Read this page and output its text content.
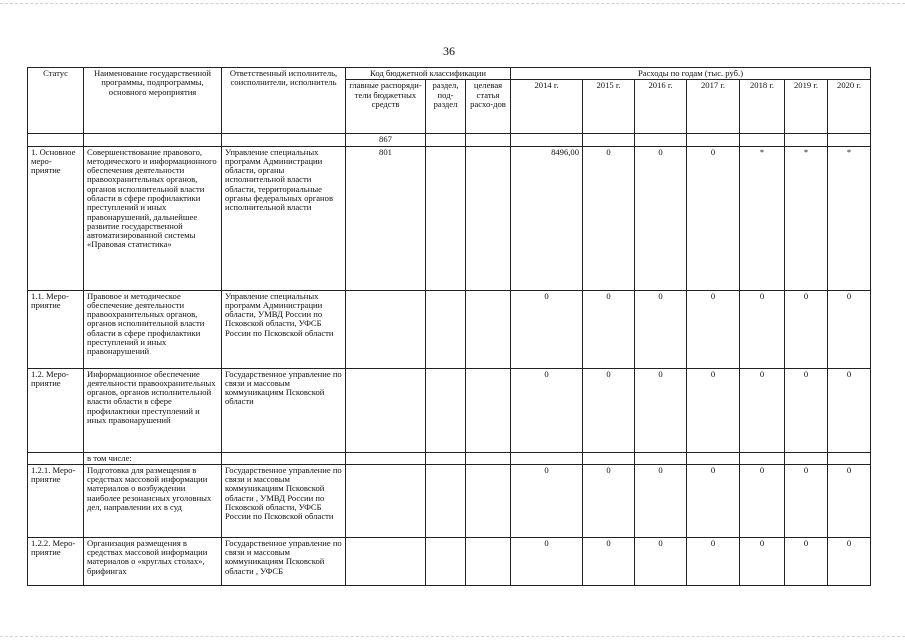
36
Статус	Наименование государственной программы, подпрограммы, основного мероприятия	Ответственный исполнитель, соисполнители, исполнитель	Код бюджетной классификации			Расходы по годам (тыс. руб.)						
			главные распоряди-тели бюджетных средств	раздел, под-раздел	целевая статья расхо-дов	2014 г.	2015 г.	2016 г.	2017 г.	2018 г.	2019 г.	2020 г.
			867									
1. Основное меро-приятие	Совершенствование правового, методического и информационного обеспечения деятельности правоохранительных органов, органов исполнительной власти области в сфере профилактики преступлений и иных правонарушений, дальнейшее развитие государственной автоматизированной системы «Правовая статистика»	Управление специальных программ Администрации области, органы исполнительной власти области, территориальные органы федеральных органов исполнительной власти	801			8496,00	0	0	0	*	*	*
1.1. Меро-приятие	Правовое и методическое обеспечение деятельности правоохранительных органов, органов исполнительной власти области в сфере профилактики преступлений и иных правонарушений	Управление специальных программ Администрации области, УМВД России по Псковской области, УФСБ России по Псковской области				0	0	0	0	0	0	0
1.2. Меро-приятие	Информационное обеспечение деятельности правоохранительных органов, органов исполнительной власти области в сфере профилактики преступлений и иных правонарушений	Государственное управление по связи и массовым коммуникациям Псковской области				0	0	0	0	0	0	0
	в том числе:											
1.2.1. Меро-приятие	Подготовка для размещения в средствах массовой информации материалов о возбуждении наиболее резонансных уголовных дел, направлении их в суд	Государственное управление по связи и массовым коммуникациям Псковской области , УМВД России по Псковской области, УФСБ России по Псковской области				0	0	0	0	0	0	0
1.2.2. Меро-приятие	Организация размещения в средствах массовой информации материалов о «круглых столах», брифингах	Государственное управление по связи и массовым коммуникациям Псковской области , УФСБ				0	0	0	0	0	0	0
